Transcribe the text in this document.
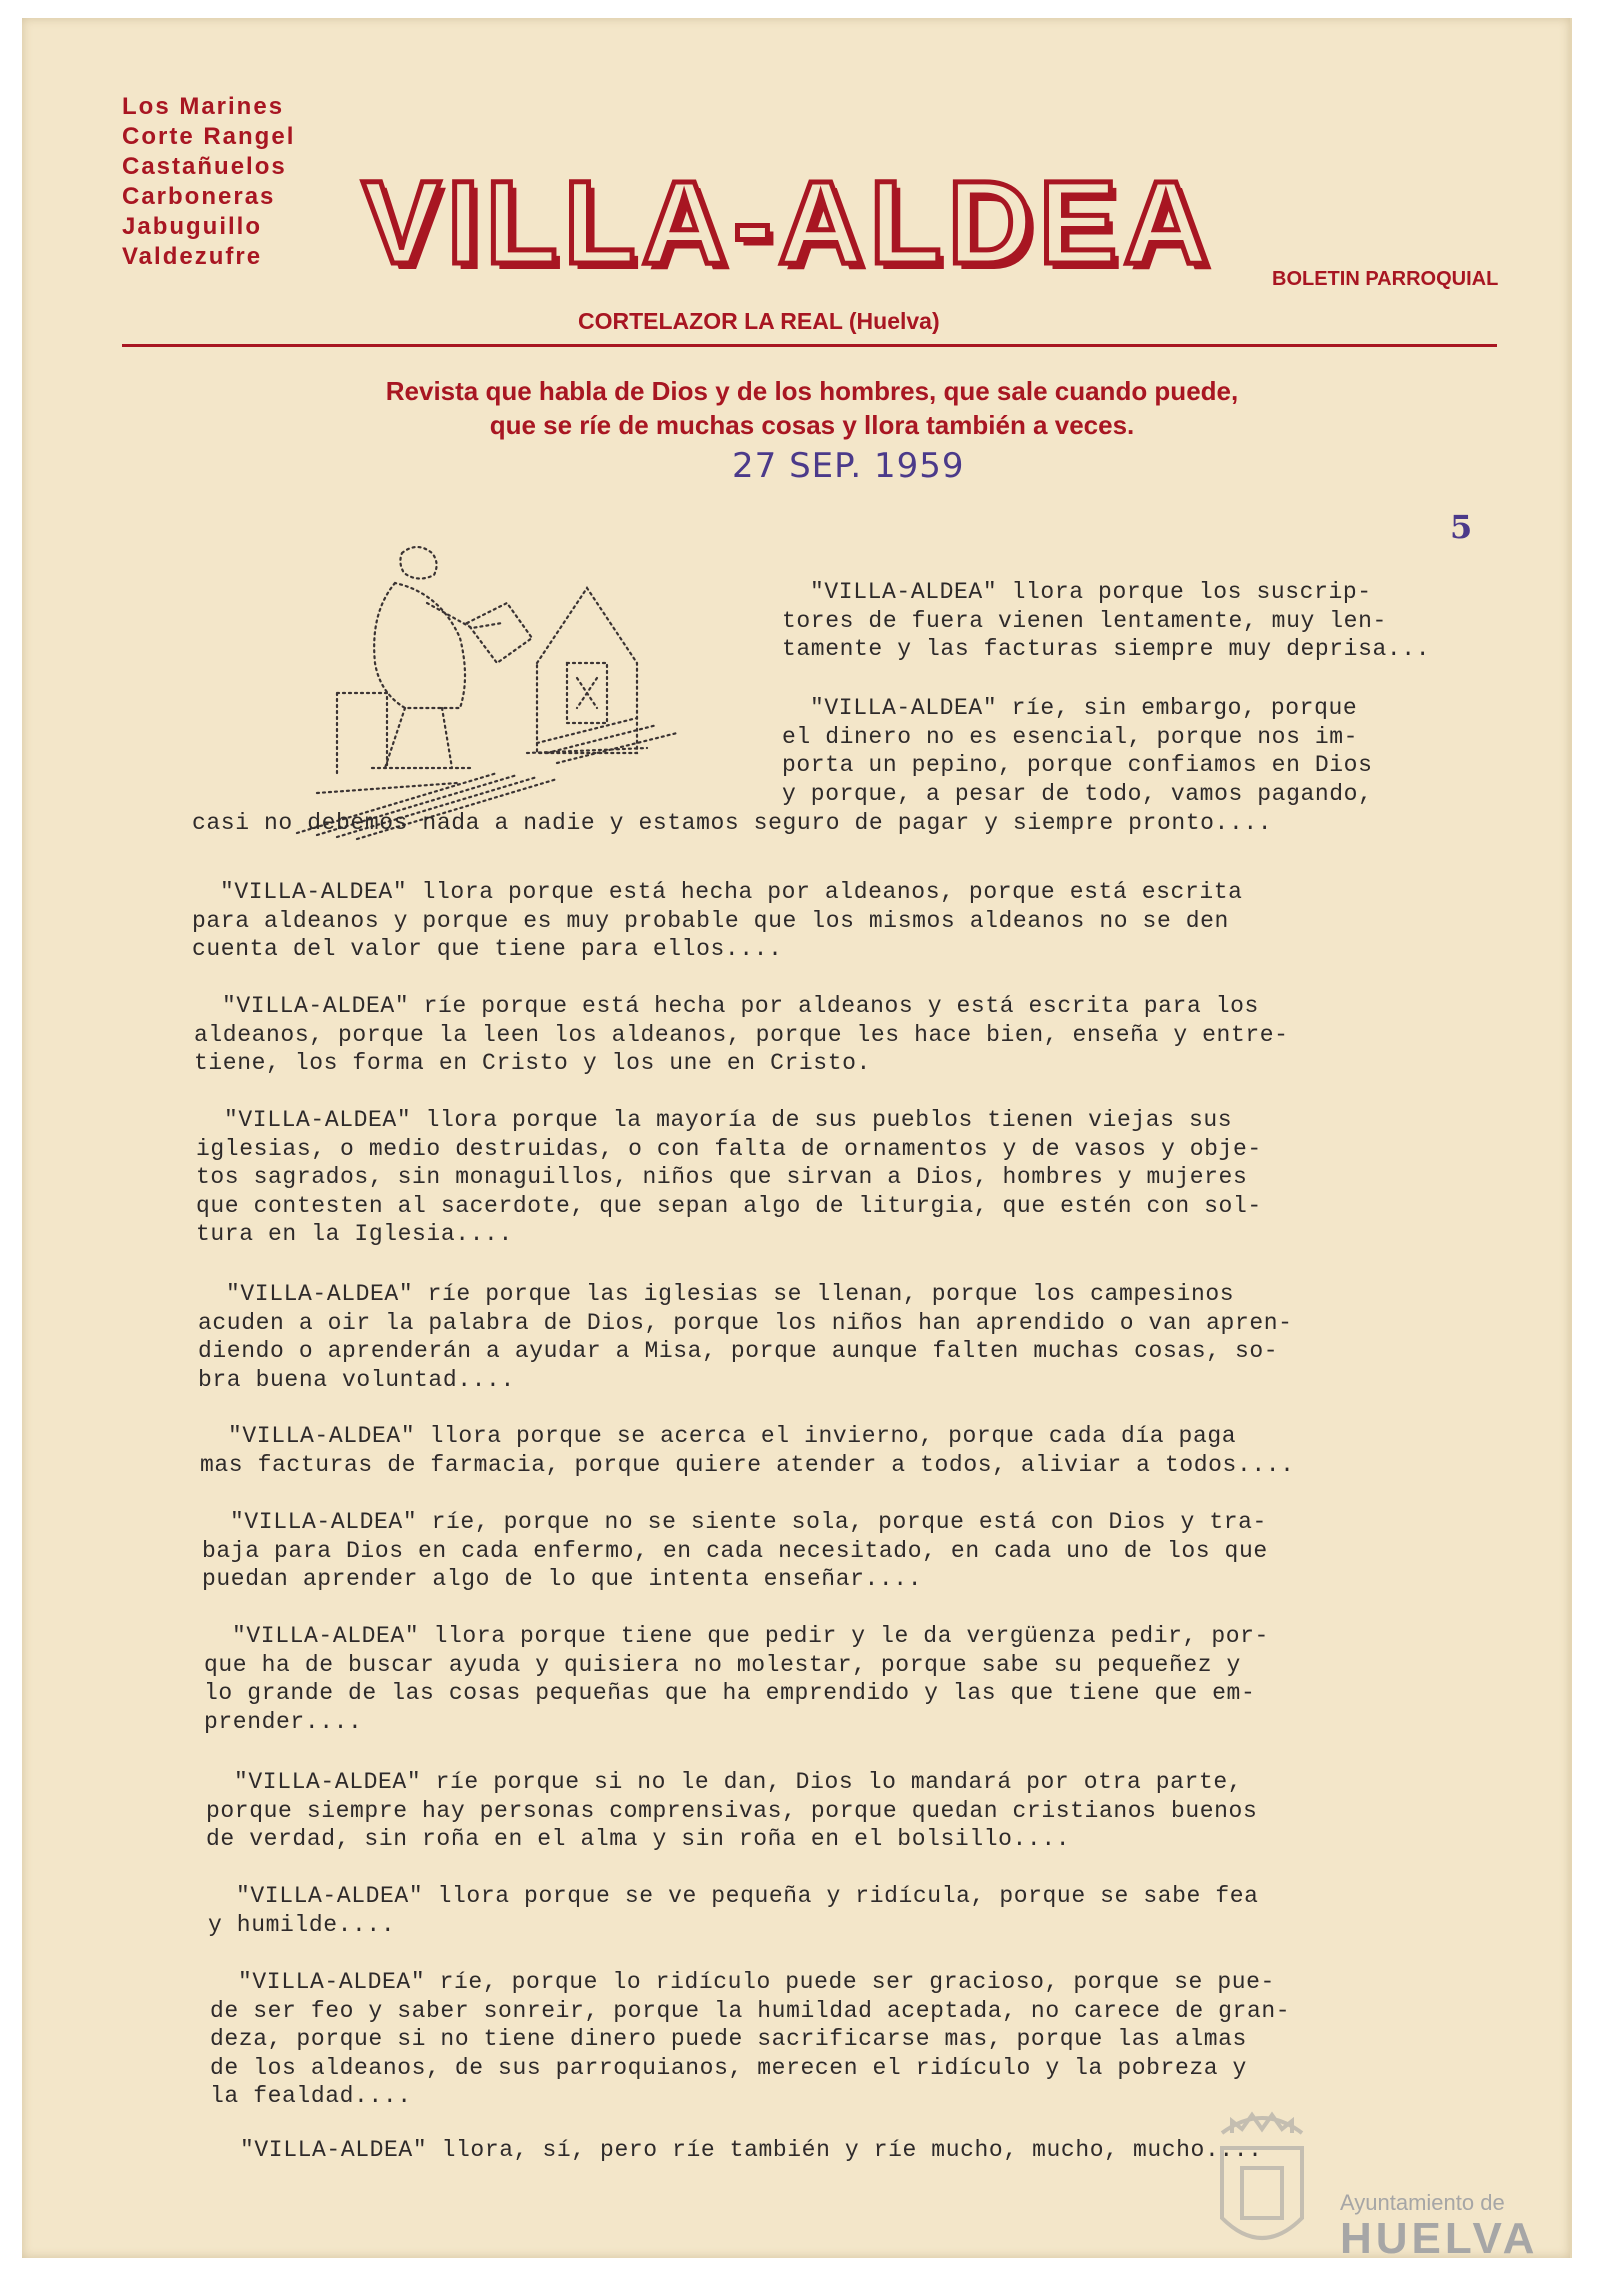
Los Marines
Corte Rangel
Castañuelos
Carboneras
Jabuguillo
Valdezufre VILLA-ALDEA	BOLETIN PARROQUIAL
CORTELAZOR LA REAL (Huelva)
Revista que habla de Dios y de los hombres, que sale cuando puede,
que se ríe de muchas cosas y llora también a veces.
27 SEP. 1959
5
"VILLA-ALDEA" llora porque los suscrip-
tores de fuera vienen lentamente, muy len-
tamente y las facturas siempre muy deprisa...
"VILLA-ALDEA" ríe, sin embargo, porque
el dinero no es esencial, porque nos im-
porta un pepino, porque confiamos en Dios
y porque, a pesar de todo, vamos pagando,
casi no debemos nada a nadie y estamos seguro de pagar y siempre pronto....
"VILLA-ALDEA" llora porque está hecha por aldeanos, porque está escrita
para aldeanos y porque es muy probable que los mismos aldeanos no se den
cuenta del valor que tiene para ellos....
"VILLA-ALDEA" ríe porque está hecha por aldeanos y está escrita para los
aldeanos, porque la leen los aldeanos, porque les hace bien, enseña y entre-
tiene, los forma en Cristo y los une en Cristo.
"VILLA-ALDEA" llora porque la mayoría de sus pueblos tienen viejas sus
iglesias, o medio destruidas, o con falta de ornamentos y de vasos y obje-
tos sagrados, sin monaguillos, niños que sirvan a Dios, hombres y mujeres
que contesten al sacerdote, que sepan algo de liturgia, que estén con sol-
tura en la Iglesia....
"VILLA-ALDEA" ríe porque las iglesias se llenan, porque los campesinos
acuden a oir la palabra de Dios, porque los niños han aprendido o van apren-
diendo o aprenderán a ayudar a Misa, porque aunque falten muchas cosas, so-
bra buena voluntad....
"VILLA-ALDEA" llora porque se acerca el invierno, porque cada día paga
mas facturas de farmacia, porque quiere atender a todos, aliviar a todos....
"VILLA-ALDEA" ríe, porque no se siente sola, porque está con Dios y tra-
baja para Dios en cada enfermo, en cada necesitado, en cada uno de los que
puedan aprender algo de lo que intenta enseñar....
"VILLA-ALDEA" llora porque tiene que pedir y le da vergüenza pedir, por-
que ha de buscar ayuda y quisiera no molestar, porque sabe su pequeñez y
lo grande de las cosas pequeñas que ha emprendido y las que tiene que em-
prender....
"VILLA-ALDEA" ríe porque si no le dan, Dios lo mandará por otra parte,
porque siempre hay personas comprensivas, porque quedan cristianos buenos
de verdad, sin roña en el alma y sin roña en el bolsillo....
"VILLA-ALDEA" llora porque se ve pequeña y ridícula, porque se sabe fea
y humilde....
"VILLA-ALDEA" ríe, porque lo ridículo puede ser gracioso, porque se pue-
de ser feo y saber sonreir, porque la humildad aceptada, no carece de gran-
deza, porque si no tiene dinero puede sacrificarse mas, porque las almas
de los aldeanos, de sus parroquianos, merecen el ridículo y la pobreza y
la fealdad....
"VILLA-ALDEA" llora, sí, pero ríe también y ríe mucho, mucho, mucho....
Ayuntamiento de
HUELVA
